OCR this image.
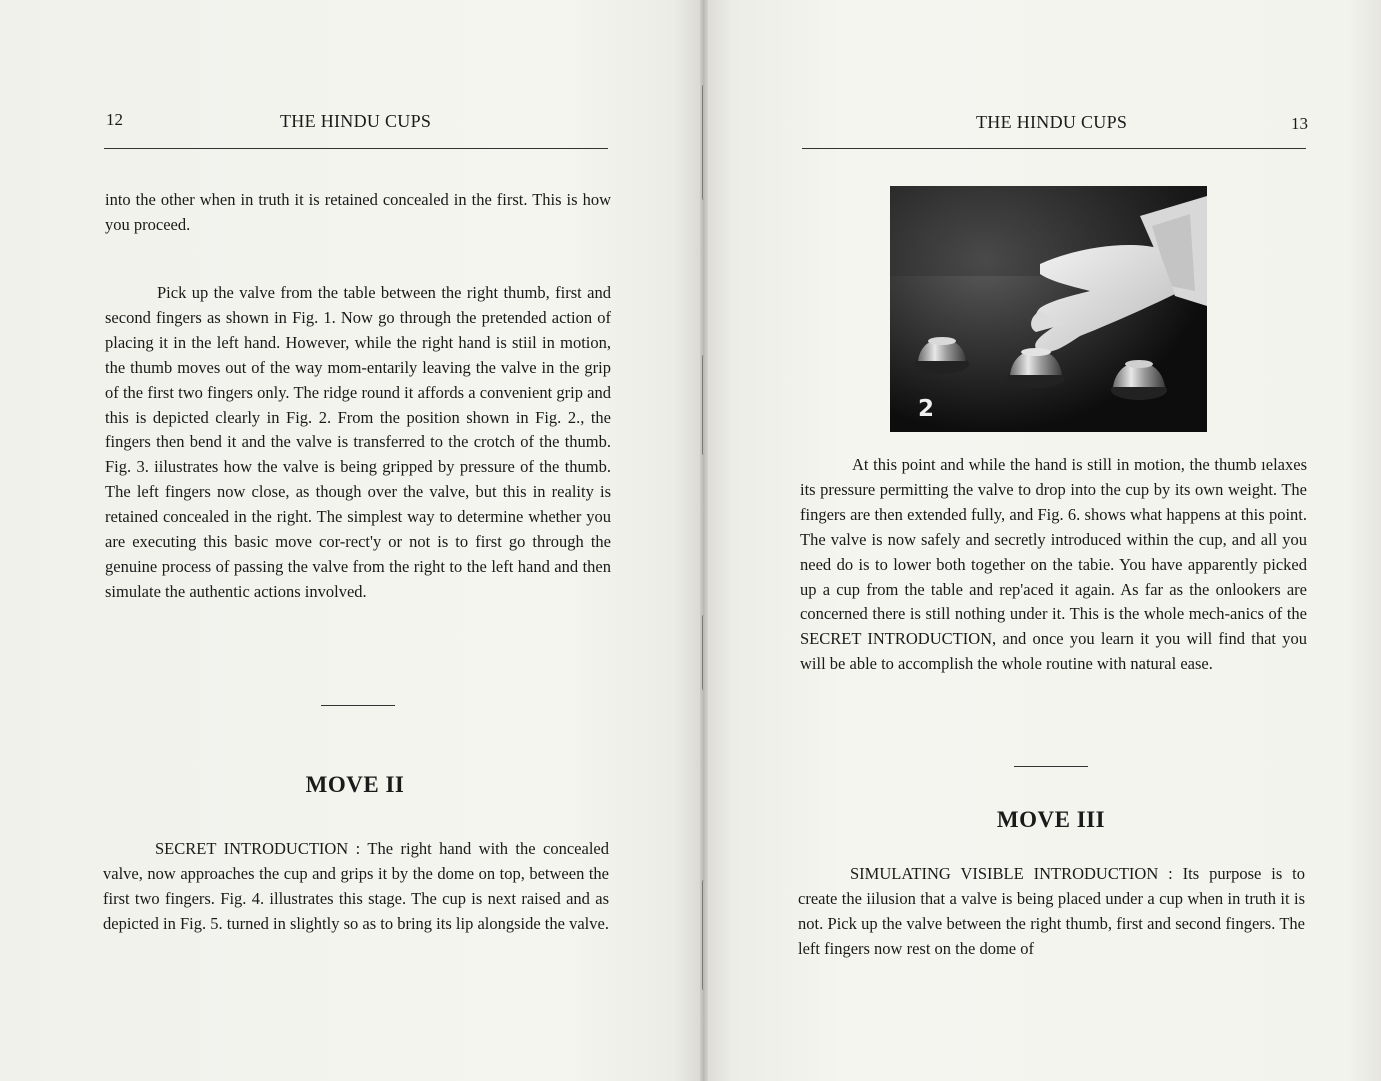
12	THE HINDU CUPS

into the other when in truth it is retained concealed in the first. This is how you proceed.

Pick up the valve from the table between the right thumb, first and second fingers as shown in Fig. 1. Now go through the pretended action of placing it in the left hand. However, while the right hand is stiil in motion, the thumb moves out of the way mom-entarily leaving the valve in the grip of the first two fingers only. The ridge round it affords a convenient grip and this is depicted clearly in Fig. 2. From the position shown in Fig. 2., the fingers then bend it and the valve is transferred to the crotch of the thumb. Fig. 3. iilustrates how the valve is being gripped by pressure of the thumb. The left fingers now close, as though over the valve, but this in reality is retained concealed in the right. The simplest way to determine whether you are executing this basic move cor-rect'y or not is to first go through the genuine process of passing the valve from the right to the left hand and then simulate the authentic actions involved.

MOVE II

SECRET INTRODUCTION : The right hand with the concealed valve, now approaches the cup and grips it by the dome on top, between the first two fingers. Fig. 4. illustrates this stage. The cup is next raised and as depicted in Fig. 5. turned in slightly so as to bring its lip alongside the valve.

THE HINDU CUPS	13
2

At this point and while the hand is still in motion, the thumb ıelaxes its pressure permitting the valve to drop into the cup by its own weight. The fingers are then extended fully, and Fig. 6. shows what happens at this point. The valve is now safely and secretly introduced within the cup, and all you need do is to lower both together on the tabie. You have apparently picked up a cup from the table and rep'aced it again. As far as the onlookers are concerned there is still nothing under it. This is the whole mech-anics of the SECRET INTRODUCTION, and once you learn it you will find that you will be able to accomplish the whole routine with natural ease.

MOVE III

SIMULATING VISIBLE INTRODUCTION : Its purpose is to create the iilusion that a valve is being placed under a cup when in truth it is not. Pick up the valve between the right thumb, first and second fingers. The left fingers now rest on the dome of
